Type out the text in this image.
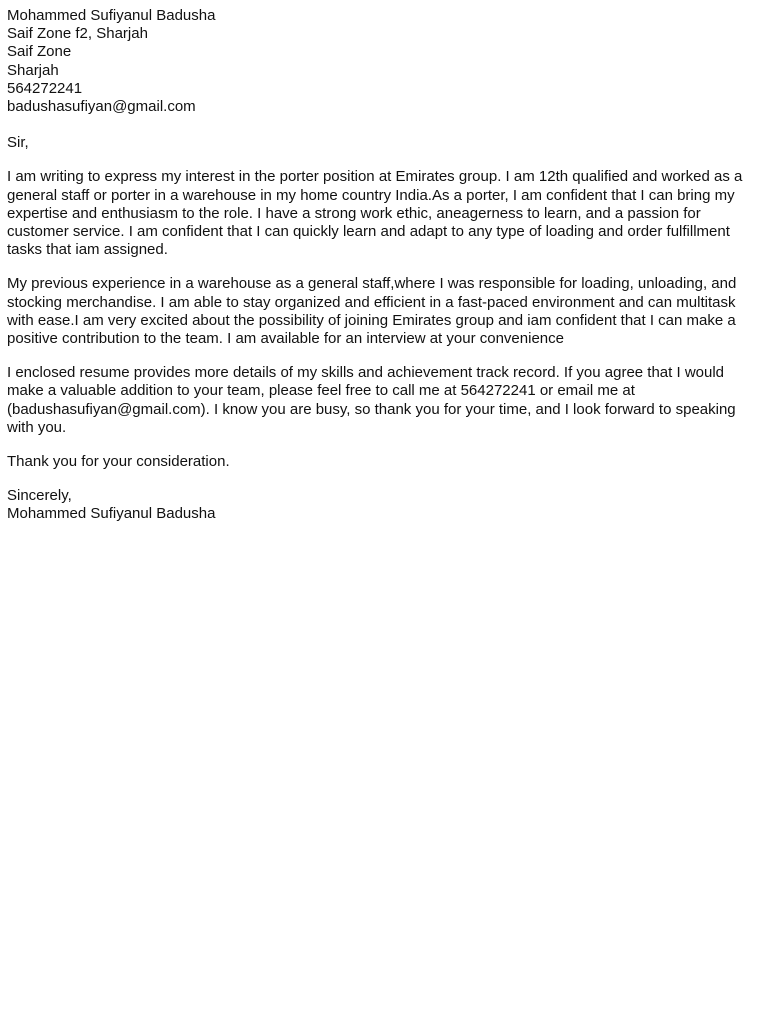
Mohammed Sufiyanul Badusha
Saif Zone f2, Sharjah
Saif Zone
Sharjah
564272241
badushasufiyan@gmail.com
Sir,

I am writing to express my interest in the porter position at Emirates group. I am 12th qualified and worked as a general staff or porter in a warehouse in my home country India.As a porter, I am confident that I can bring my expertise and enthusiasm to the role. I have a strong work ethic, aneagerness to learn, and a passion for customer service. I am confident that I can quickly learn and adapt to any type of loading and order fulfillment tasks that iam assigned.

My previous experience in a warehouse as a general staff,where I was responsible for loading, unloading, and stocking merchandise. I am able to stay organized and efficient in a fast-paced environment and can multitask with ease.I am very excited about the possibility of joining Emirates group and iam confident that I can make a positive contribution to the team. I am available for an interview at your convenience

I enclosed resume provides more details of my skills and achievement track record. If you agree that I would make a valuable addition to your team, please feel free to call me at 564272241 or email me at (badushasufiyan@gmail.com). I know you are busy, so thank you for your time, and I look forward to speaking with you.

Thank you for your consideration.

Sincerely,
Mohammed Sufiyanul Badusha
